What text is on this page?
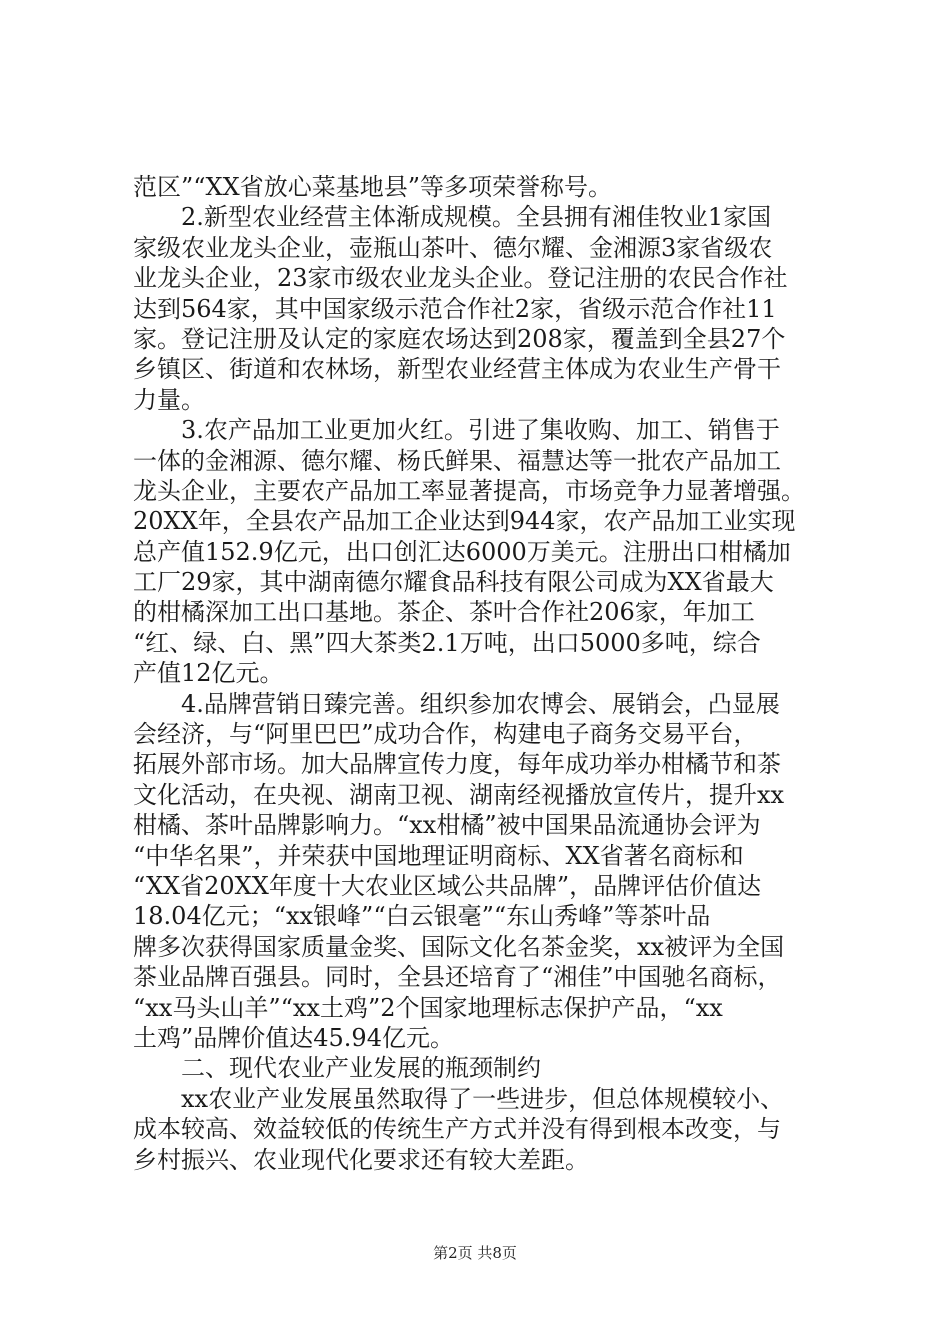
范区”“XX省放心菜基地县”等多项荣誉称号。
2.新型农业经营主体渐成规模。全县拥有湘佳牧业1家国
家级农业龙头企业，壶瓶山茶叶、德尔耀、金湘源3家省级农
业龙头企业，23家市级农业龙头企业。登记注册的农民合作社
达到564家，其中国家级示范合作社2家，省级示范合作社11
家。登记注册及认定的家庭农场达到208家，覆盖到全县27个
乡镇区、街道和农林场，新型农业经营主体成为农业生产骨干
力量。
3.农产品加工业更加火红。引进了集收购、加工、销售于
一体的金湘源、德尔耀、杨氏鲜果、福慧达等一批农产品加工
龙头企业，主要农产品加工率显著提高，市场竞争力显著增强。
20XX年，全县农产品加工企业达到944家，农产品加工业实现
总产值152.9亿元，出口创汇达6000万美元。注册出口柑橘加
工厂29家，其中湖南德尔耀食品科技有限公司成为XX省最大
的柑橘深加工出口基地。茶企、茶叶合作社206家，年加工
“红、绿、白、黑”四大茶类2.1万吨，出口5000多吨，综合
产值12亿元。
4.品牌营销日臻完善。组织参加农博会、展销会，凸显展
会经济，与“阿里巴巴”成功合作，构建电子商务交易平台，
拓展外部市场。加大品牌宣传力度，每年成功举办柑橘节和茶
文化活动，在央视、湖南卫视、湖南经视播放宣传片，提升xx
柑橘、茶叶品牌影响力。“xx柑橘”被中国果品流通协会评为
“中华名果”，并荣获中国地理证明商标、XX省著名商标和
“XX省20XX年度十大农业区域公共品牌”，品牌评估价值达
18.04亿元；“xx银峰”“白云银毫”“东山秀峰”等茶叶品
牌多次获得国家质量金奖、国际文化名茶金奖，xx被评为全国
茶业品牌百强县。同时，全县还培育了“湘佳”中国驰名商标，
“xx马头山羊”“xx土鸡”2个国家地理标志保护产品，“xx
土鸡”品牌价值达45.94亿元。
二、现代农业产业发展的瓶颈制约
xx农业产业发展虽然取得了一些进步，但总体规模较小、
成本较高、效益较低的传统生产方式并没有得到根本改变，与
乡村振兴、农业现代化要求还有较大差距。
第2页 共8页
